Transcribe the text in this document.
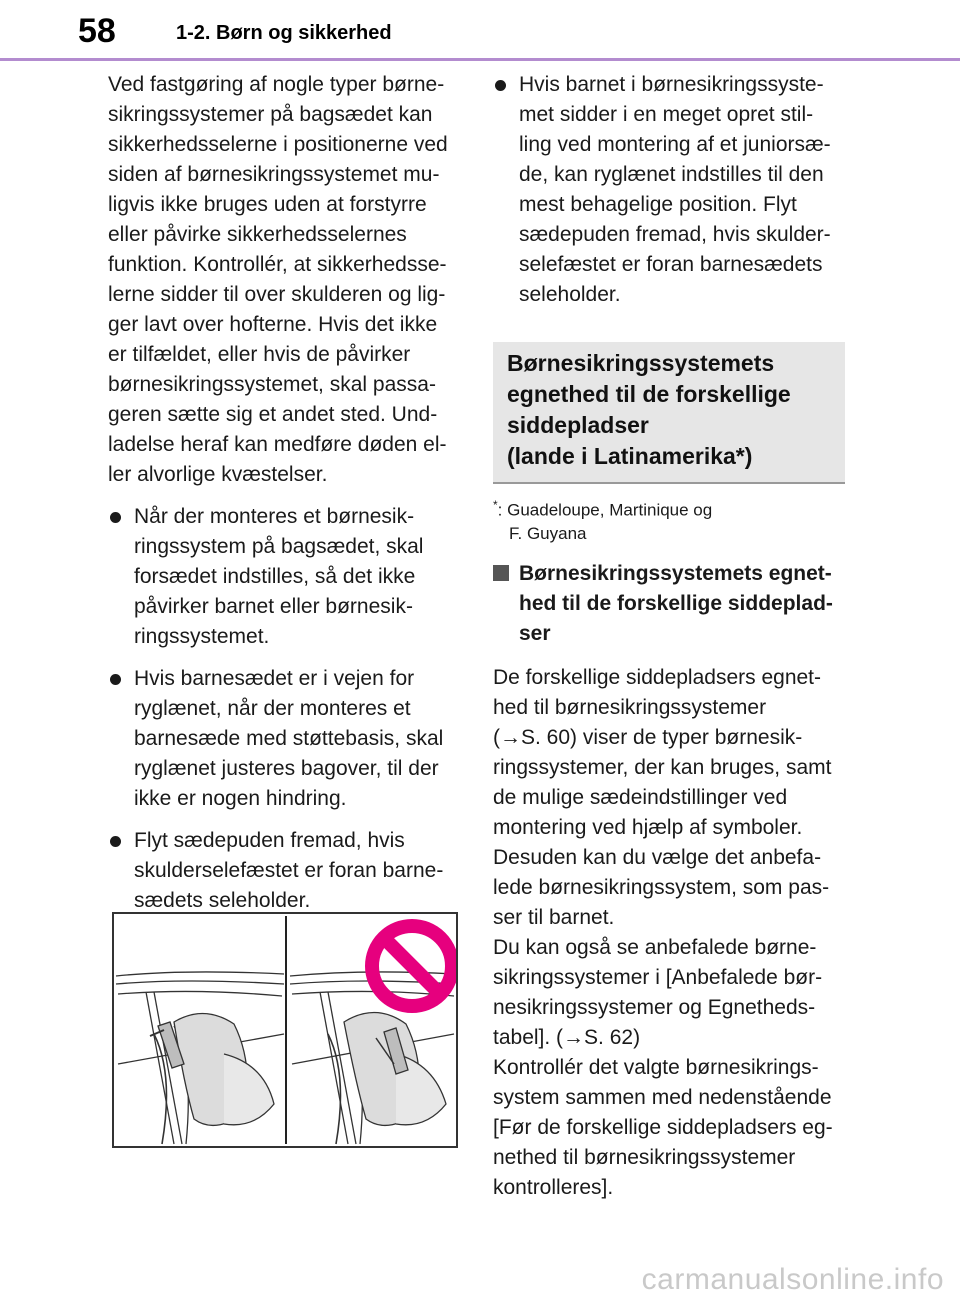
58	1-2. Børn og sikkerhed
Ved fastgøring af nogle typer børne-
sikringssystemer på bagsædet kan
sikkerhedsselerne i positionerne ved
siden af børnesikringssystemet mu-
ligvis ikke bruges uden at forstyrre
eller påvirke sikkerhedsselernes
funktion. Kontrollér, at sikkerhedsse-
lerne sidder til over skulderen og lig-
ger lavt over hofterne. Hvis det ikke
er tilfældet, eller hvis de påvirker
børnesikringssystemet, skal passa-
geren sætte sig et andet sted. Und-
ladelse heraf kan medføre døden el-
ler alvorlige kvæstelser.
Når der monteres et børnesik-
ringssystem på bagsædet, skal
forsædet indstilles, så det ikke
påvirker barnet eller børnesik-
ringssystemet.
Hvis barnesædet er i vejen for
ryglænet, når der monteres et
barnesæde med støttebasis, skal
ryglænet justeres bagover, til der
ikke er nogen hindring.
Flyt sædepuden fremad, hvis
skulderselefæstet er foran barne-
sædets seleholder.
Hvis barnet i børnesikringssyste-
met sidder i en meget opret stil-
ling ved montering af et juniorsæ-
de, kan ryglænet indstilles til den
mest behagelige position. Flyt
sædepuden fremad, hvis skulder-
selefæstet er foran barnesædets
seleholder.
Børnesikringssystemets
egnethed til de forskellige
siddepladser
(lande i Latinamerika*)
*: Guadeloupe, Martinique og
F. Guyana
Børnesikringssystemets egnet-
hed til de forskellige siddeplad-
ser
De forskellige siddepladsers egnet-
hed til børnesikringssystemer
(→S. 60) viser de typer børnesik-
ringssystemer, der kan bruges, samt
de mulige sædeindstillinger ved
montering ved hjælp af symboler.
Desuden kan du vælge det anbefa-
lede børnesikringssystem, som pas-
ser til barnet.
Du kan også se anbefalede børne-
sikringssystemer i [Anbefalede bør-
nesikringssystemer og Egnetheds-
tabel]. (→S. 62)
Kontrollér det valgte børnesikrings-
system sammen med nedenstående
[Før de forskellige siddepladsers eg-
nethed til børnesikringssystemer
kontrolleres].
carmanualsonline.info
